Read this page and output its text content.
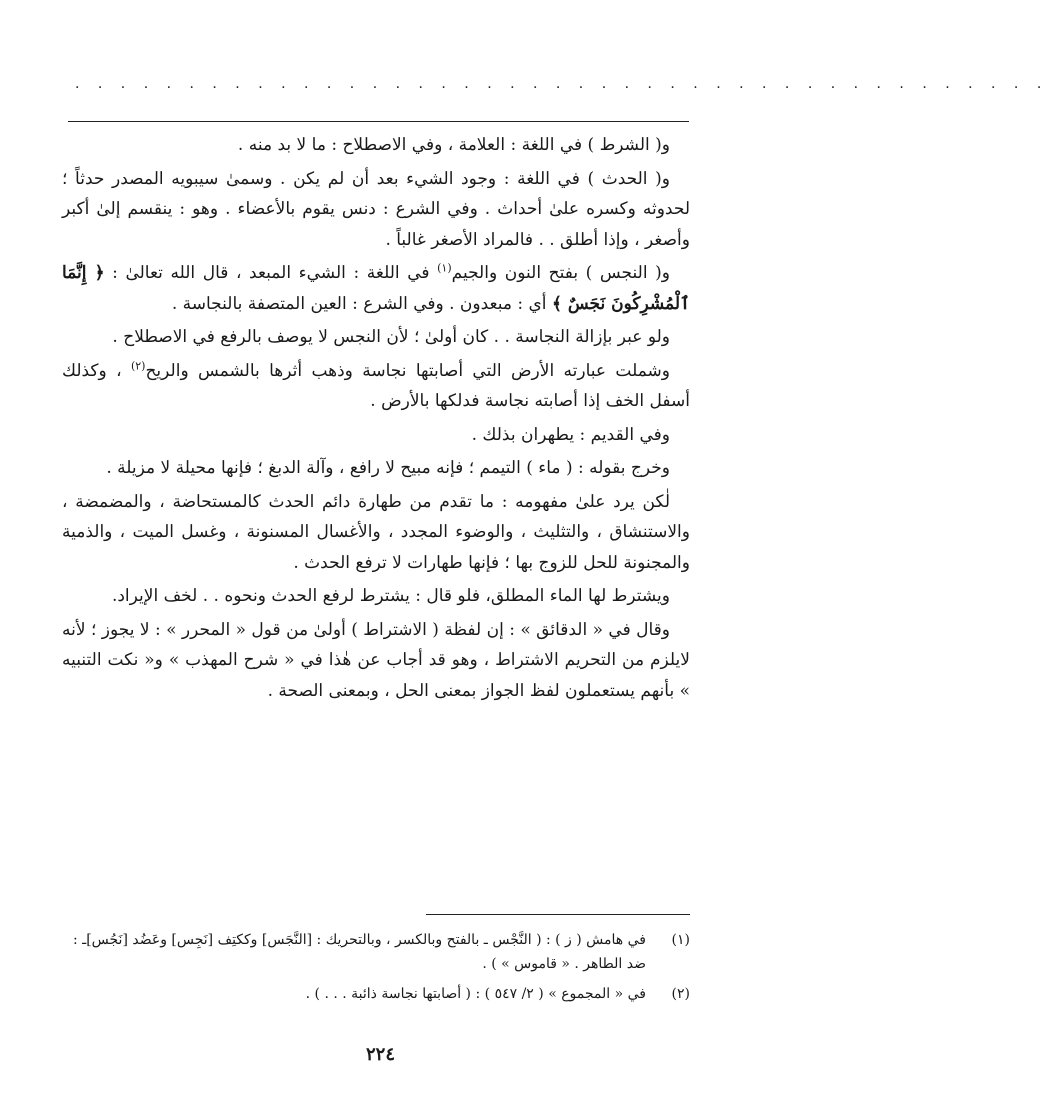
· · · · · · · · · · · · · · · · · · · · · · · · · · · · · · · · · · · · · · · · · · ·

و( الشرط ) في اللغة : العلامة ، وفي الاصطلاح : ما لا بد منه .

و( الحدث ) في اللغة : وجود الشيء بعد أن لم يكن . وسمىٰ سيبويه المصدر حدثاً ؛ لحدوثه وكسره علىٰ أحداث . وفي الشرع : دنس يقوم بالأعضاء . وهو : ينقسم إلىٰ أكبر وأصغر ، وإذا أطلق . . فالمراد الأصغر غالباً .

و( النجس ) بفتح النون والجيم$^{(١)}$ في اللغة : الشيء المبعد ، قال الله تعالىٰ : ﴿ إِنَّمَا ٱلْمُشْرِكُونَ نَجَسٌ ﴾ أي : مبعدون . وفي الشرع : العين المتصفة بالنجاسة .

ولو عبر بإزالة النجاسة . . كان أولىٰ ؛ لأن النجس لا يوصف بالرفع في الاصطلاح .

وشملت عبارته الأرض التي أصابتها نجاسة وذهب أثرها بالشمس والريح$^{(٢)}$ ، وكذلك أسفل الخف إذا أصابته نجاسة فدلكها بالأرض .

وفي القديم : يطهران بذلك .

وخرج بقوله : ( ماء ) التيمم ؛ فإنه مبيح لا رافع ، وآلة الدبغ ؛ فإنها محيلة لا مزيلة .

لٰكن يرد علىٰ مفهومه : ما تقدم من طهارة دائم الحدث كالمستحاضة ، والمضمضة ، والاستنشاق ، والتثليث ، والوضوء المجدد ، والأغسال المسنونة ، وغسل الميت ، والذمية والمجنونة للحل للزوج بها ؛ فإنها طهارات لا ترفع الحدث .

ويشترط لها الماء المطلق، فلو قال : يشترط لرفع الحدث ونحوه . . لخف الإيراد.

وقال في « الدقائق » : إن لفظة ( الاشتراط ) أولىٰ من قول « المحرر » : لا يجوز ؛ لأنه لايلزم من التحريم الاشتراط ، وهو قد أجاب عن هٰذا في « شرح المهذب » و« نكت التنبيه » بأنهم يستعملون لفظ الجواز بمعنى الحل ، وبمعنى الصحة .

(١)
في هامش ( ز ) : ( النَّجْس ـ بالفتح وبالكسر ، وبالتحريك : [النَّجَس] وككتِف [نَجِس] وعَضُد [نَجُس]ـ : ضد الطاهر . « قاموس » ) .
(٢)
في « المجموع » ( ٢/ ٥٤٧ ) : ( أصابتها نجاسة ذائبة . . . ) .
٢٢٤
